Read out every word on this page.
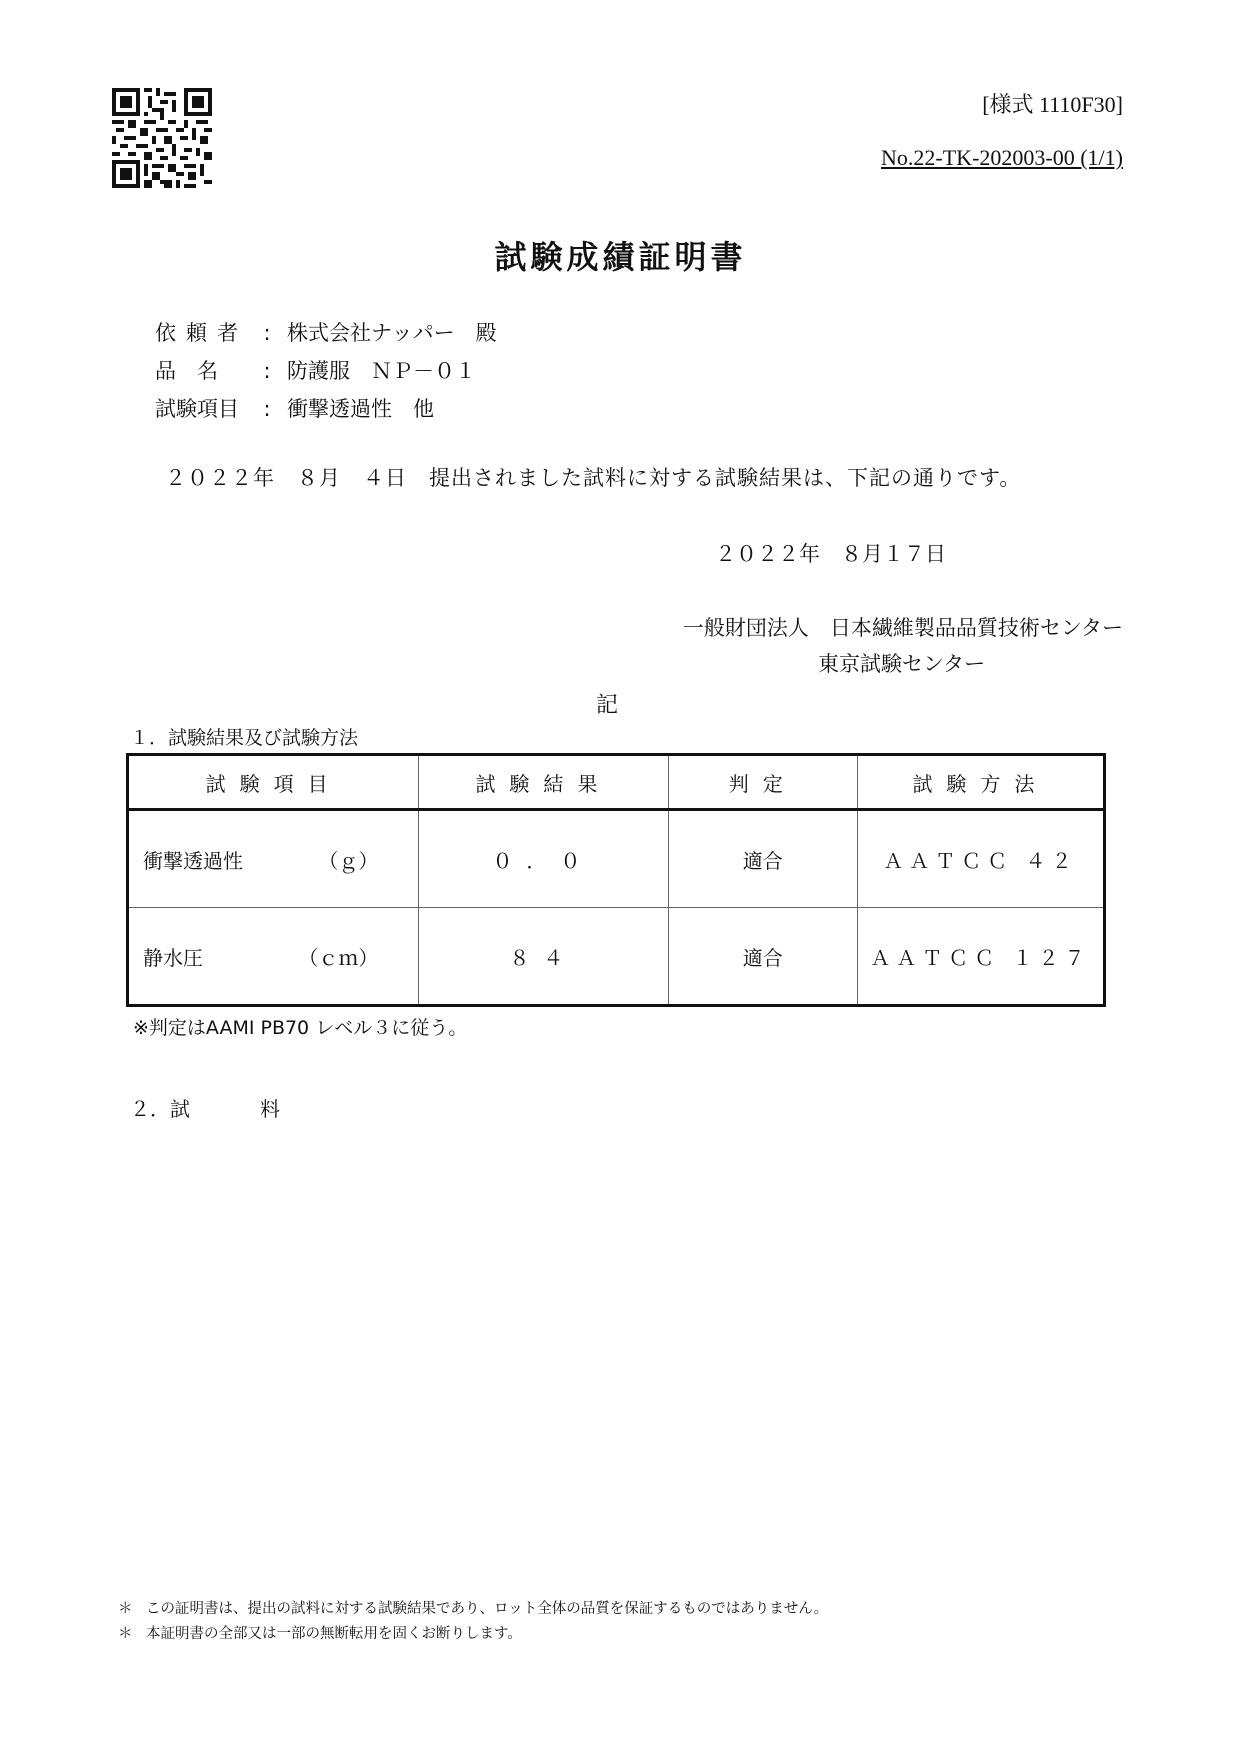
[様式 1110F30]
No.22-TK-202003-00 (1/1)
試験成績証明書
依頼者 : 株式会社ナッパー　殿
品　名 : 防護服　ＮＰ－０１
試験項目 : 衝撃透過性　他
２０２２年　８月　４日　提出されました試料に対する試験結果は、下記の通りです。
２０２２年　８月１７日
一般財団法人　日本繊維製品品質技術センター
東京試験センター
記
１．試験結果及び試験方法
試験項目	試験結果	判定	試験方法

衝撃透過性 （ｇ）	０．０	適合	ＡＡＴＣＣ ４２

静水圧 （ｃｍ）	８４	適合	ＡＡＴＣＣ １２７
※判定はAAMI PB70 レベル３に従う。
２．試	料
＊ この証明書は、提出の試料に対する試験結果であり、ロット全体の品質を保証するものではありません。
＊ 本証明書の全部又は一部の無断転用を固くお断りします。
